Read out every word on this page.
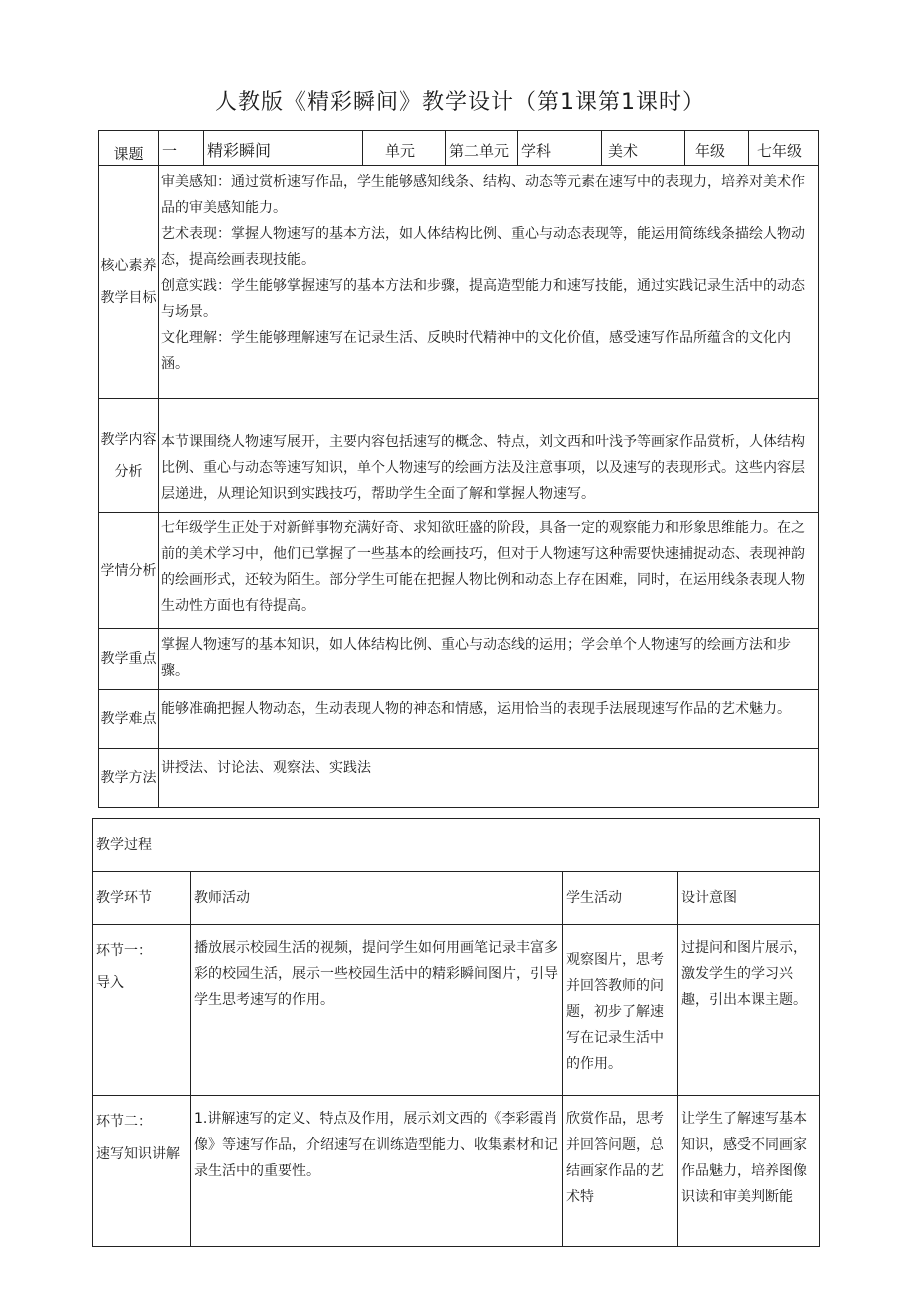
人教版《精彩瞬间》教学设计（第1课第1课时）
课题	一	精彩瞬间	单元	第二单元	学科	美术	年级	七年级
核心素养教学目标	审美感知：通过赏析速写作品，学生能够感知线条、结构、动态等元素在速写中的表现力，培养对美术作品的审美感知能力。

艺术表现：掌握人物速写的基本方法，如人体结构比例、重心与动态表现等，能运用简练线条描绘人物动态，提高绘画表现技能。

创意实践：学生能够掌握速写的基本方法和步骤，提高造型能力和速写技能，通过实践记录生活中的动态与场景。

文化理解：学生能够理解速写在记录生活、反映时代精神中的文化价值，感受速写作品所蕴含的文化内涵。							

教学内容分析	本节课围绕人物速写展开，主要内容包括速写的概念、特点，刘文西和叶浅予等画家作品赏析，人体结构比例、重心与动态等速写知识，单个人物速写的绘画方法及注意事项，以及速写的表现形式。这些内容层层递进，从理论知识到实践技巧，帮助学生全面了解和掌握人物速写。							
学情分析	七年级学生正处于对新鲜事物充满好奇、求知欲旺盛的阶段，具备一定的观察能力和形象思维能力。在之前的美术学习中，他们已掌握了一些基本的绘画技巧，但对于人物速写这种需要快速捕捉动态、表现神韵的绘画形式，还较为陌生。部分学生可能在把握人物比例和动态上存在困难，同时，在运用线条表现人物生动性方面也有待提高。							
教学重点	掌握人物速写的基本知识，如人体结构比例、重心与动态线的运用；学会单个人物速写的绘画方法和步骤。							
教学难点	能够准确把握人物动态，生动表现人物的神态和情感，运用恰当的表现手法展现速写作品的艺术魅力。							
教学方法	讲授法、讨论法、观察法、实践法							
教学过程			
教学环节	教师活动	学生活动	设计意图

环节一：
导入	播放展示校园生活的视频，提问学生如何用画笔记录丰富多彩的校园生活，展示一些校园生活中的精彩瞬间图片，引导学生思考速写的作用。	观察图片，思考并回答教师的问题，初步了解速写在记录生活中的作用。	过提问和图片展示，激发学生的学习兴趣，引出本课主题。

环节二：
速写知识讲解	1.讲解速写的定义、特点及作用，展示刘文西的《李彩霞肖像》等速写作品，介绍速写在训练造型能力、收集素材和记录生活中的重要性。	欣赏作品，思考并回答问题，总结画家作品的艺术特	让学生了解速写基本知识，感受不同画家作品魅力，培养图像识读和审美判断能
